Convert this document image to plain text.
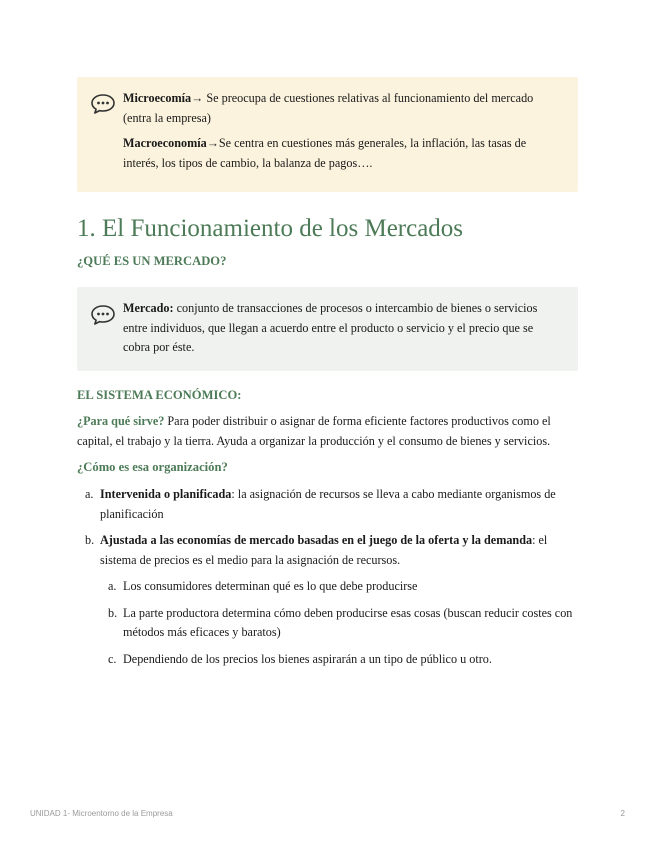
Microecomía→ Se preocupa de cuestiones relativas al funcionamiento del mercado (entra la empresa)

Macroeconomía→Se centra en cuestiones más generales, la inflación, las tasas de interés, los tipos de cambio, la balanza de pagos….

1. El Funcionamiento de los Mercados

¿QUÉ ES UN MERCADO?

Mercado: conjunto de transacciones de procesos o intercambio de bienes o servicios entre individuos, que llegan a acuerdo entre el producto o servicio y el precio que se cobra por éste.

EL SISTEMA ECONÓMICO:

¿Para qué sirve? Para poder distribuir o asignar de forma eficiente factores productivos como el capital, el trabajo y la tierra. Ayuda a organizar la producción y el consumo de bienes y servicios.

¿Cómo es esa organización?

a. Intervenida o planificada: la asignación de recursos se lleva a cabo mediante organismos de planificación
b. Ajustada a las economías de mercado basadas en el juego de la oferta y la demanda: el sistema de precios es el medio para la asignación de recursos.
a. Los consumidores determinan qué es lo que debe producirse
b. La parte productora determina cómo deben producirse esas cosas (buscan reducir costes con métodos más eficaces y baratos)
c. Dependiendo de los precios los bienes aspirarán a un tipo de público u otro.
UNIDAD 1- Microentorno de la Empresa	2
